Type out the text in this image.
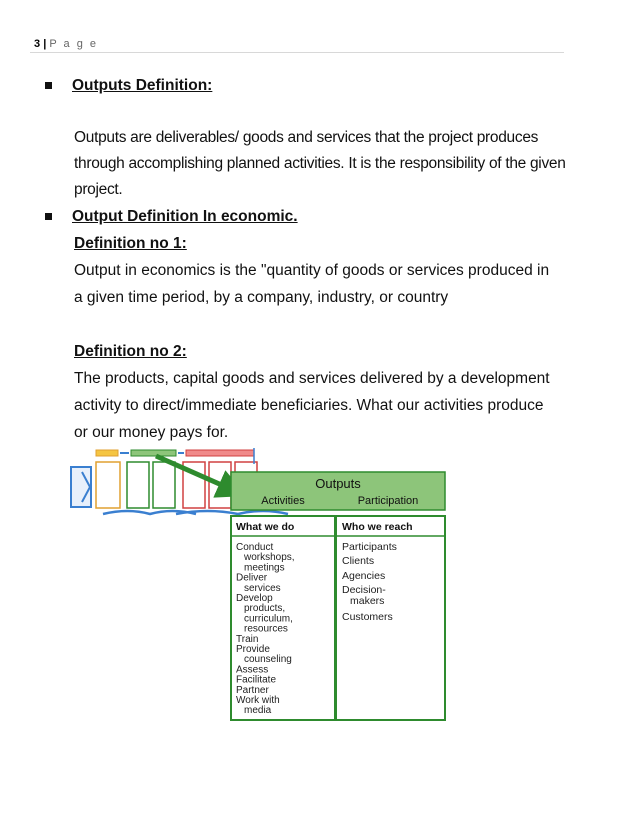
3 | P a g e
Outputs Definition:
Outputs are deliverables/ goods and services that the project produces
through accomplishing planned activities. It is the responsibility of the given
project.
Output Definition In economic.
Definition no 1:
Output in economics is the "quantity of goods or services produced in
a given time period, by a company, industry, or country
Definition no 2:
The products, capital goods and services delivered by a development
activity to direct/immediate beneficiaries. What our activities produce
or our money pays for.
Outputs
Activities	Participation
What we do	Who we reach
Conduct
workshops,
meetings
Deliver
services
Develop
products,
curriculum,
resources
Train
Provide
counseling
Assess
Facilitate
Partner
Work with
media
Participants
Clients
Agencies
Decision-
makers
Customers
